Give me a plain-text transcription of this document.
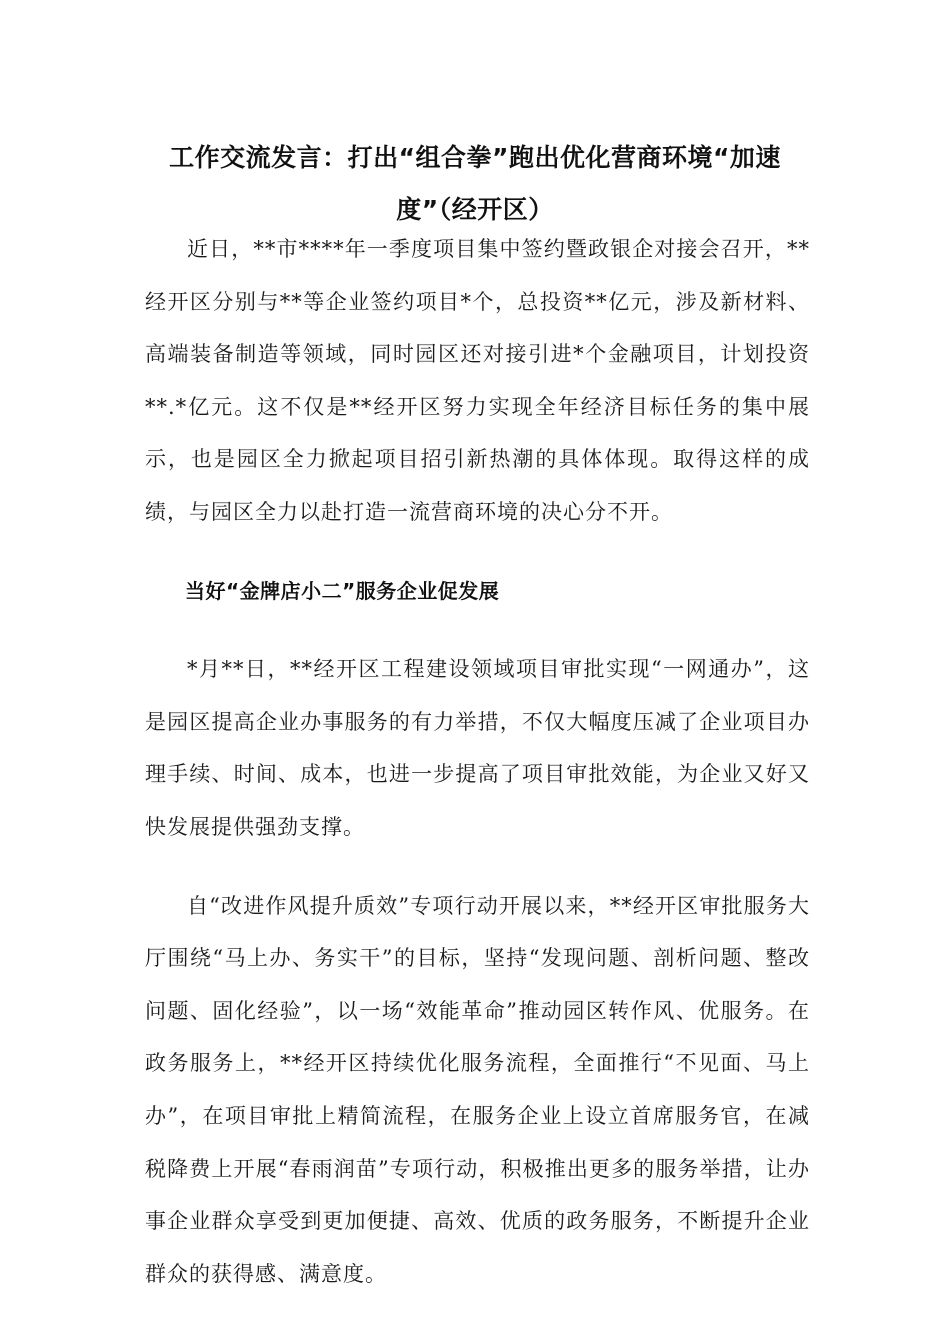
工作交流发言：打出“组合拳”跑出优化营商环境“加速度”（经开区）

近日，**市****年一季度项目集中签约暨政银企对接会召开，**经开区分别与**等企业签约项目*个，总投资**亿元，涉及新材料、高端装备制造等领域，同时园区还对接引进*个金融项目，计划投资**.*亿元。这不仅是**经开区努力实现全年经济目标任务的集中展示，也是园区全力掀起项目招引新热潮的具体体现。取得这样的成绩，与园区全力以赴打造一流营商环境的决心分不开。

当好“金牌店小二”服务企业促发展

*月**日，**经开区工程建设领域项目审批实现“一网通办”，这是园区提高企业办事服务的有力举措，不仅大幅度压减了企业项目办理手续、时间、成本，也进一步提高了项目审批效能，为企业又好又快发展提供强劲支撑。

自“改进作风提升质效”专项行动开展以来，**经开区审批服务大厅围绕“马上办、务实干”的目标，坚持“发现问题、剖析问题、整改问题、固化经验”，以一场“效能革命”推动园区转作风、优服务。在政务服务上，**经开区持续优化服务流程，全面推行“不见面、马上办”，在项目审批上精简流程，在服务企业上设立首席服务官，在减税降费上开展“春雨润苗”专项行动，积极推出更多的服务举措，让办事企业群众享受到更加便捷、高效、优质的政务服务，不断提升企业群众的获得感、满意度。
